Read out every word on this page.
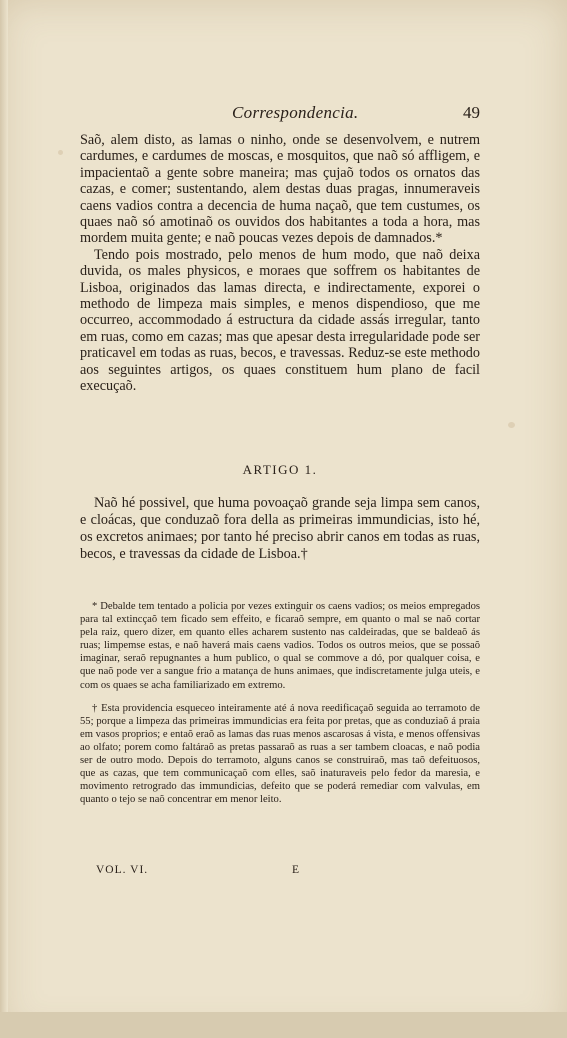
Correspondencia.	49

Saõ, alem disto, as lamas o ninho, onde se desenvolvem, e nutrem cardumes, e cardumes de moscas, e mosquitos, que naõ só affligem, e impacientaõ a gente sobre maneira; mas çujaõ todos os ornatos das cazas, e comer; sustentando, alem destas duas pragas, innumeraveis caens vadios contra a decencia de huma naçaõ, que tem custumes, os quaes naõ só amotinaõ os ouvidos dos habitantes a toda a hora, mas mordem muita gente; e naõ poucas vezes depois de damnados.*

Tendo pois mostrado, pelo menos de hum modo, que naõ deixa duvida, os males physicos, e moraes que soffrem os habitantes de Lisboa, originados das lamas directa, e indirectamente, exporei o methodo de limpeza mais simples, e menos dispendioso, que me occurreo, accommodado á estructura da cidade assás irregular, tanto em ruas, como em cazas; mas que apesar desta irregularidade pode ser praticavel em todas as ruas, becos, e travessas. Reduz-se este methodo aos seguintes artigos, os quaes constituem hum plano de facil execuçaõ.

ARTIGO 1.

Naõ hé possivel, que huma povoaçaõ grande seja limpa sem canos, e cloácas, que conduzaõ fora della as primeiras immundicias, isto hé, os excretos animaes; por tanto hé preciso abrir canos em todas as ruas, becos, e travessas da cidade de Lisboa.†

* Debalde tem tentado a policia por vezes extinguir os caens vadios; os meios empregados para tal extincçaõ tem ficado sem effeito, e ficaraõ sempre, em quanto o mal se naõ cortar pela raiz, quero dizer, em quanto elles acharem sustento nas caldeiradas, que se baldeaõ ás ruas; limpemse estas, e naõ haverá mais caens vadios. Todos os outros meios, que se possaõ imaginar, seraõ repugnantes a hum publico, o qual se commove a dó, por qualquer coisa, e que naõ pode ver a sangue frio a matança de huns animaes, que indiscretamente julga uteis, e com os quaes se acha familiarizado em extremo.

† Esta providencia esqueceo inteiramente até á nova reedificaçaõ seguida ao terramoto de 55; porque a limpeza das primeiras immundicias era feita por pretas, que as conduziaõ á praia em vasos proprios; e entaõ eraõ as lamas das ruas menos ascarosas á vista, e menos offensivas ao olfato; porem como faltáraõ as pretas passaraõ as ruas a ser tambem cloacas, e naõ podia ser de outro modo. Depois do terramoto, alguns canos se construiraõ, mas taõ defeituosos, que as cazas, que tem communicaçaõ com elles, saõ inaturaveis pelo fedor da maresia, e movimento retrogrado das immundicias, defeito que se poderá remediar com valvulas, em quanto o tejo se naõ concentrar em menor leito.

VOL. VI.	E
